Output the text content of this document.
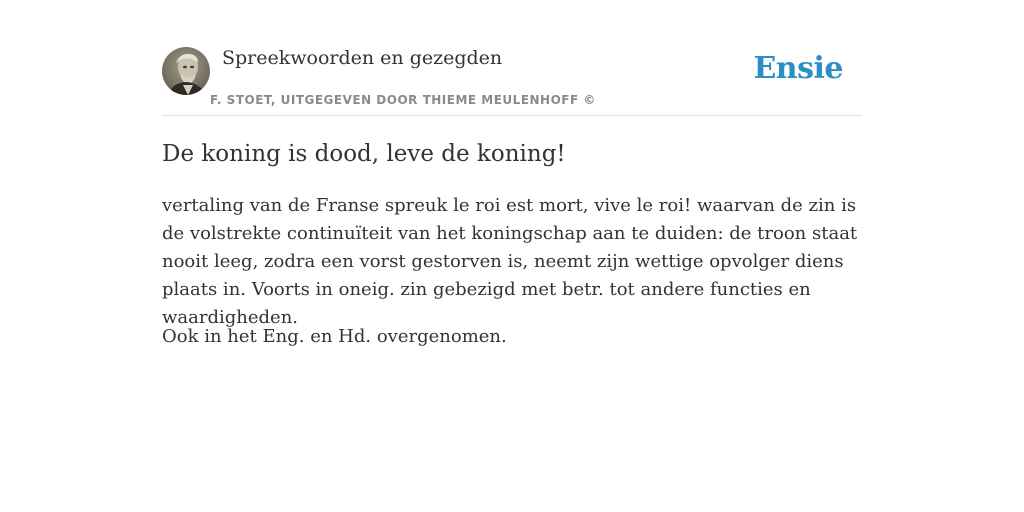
Spreekwoorden en gezegden
F. STOET, UITGEGEVEN DOOR THIEME MEULENHOFF ©
Ensie
De koning is dood, leve de koning!

vertaling van de Franse spreuk le roi est mort, vive le roi! waarvan de zin is de volstrekte continuïteit van het koningschap aan te duiden: de troon staat nooit leeg, zodra een vorst gestorven is, neemt zijn wettige opvolger diens plaats in. Voorts in oneig. zin gebezigd met betr. tot andere functies en waardigheden.

Ook in het Eng. en Hd. overgenomen.
